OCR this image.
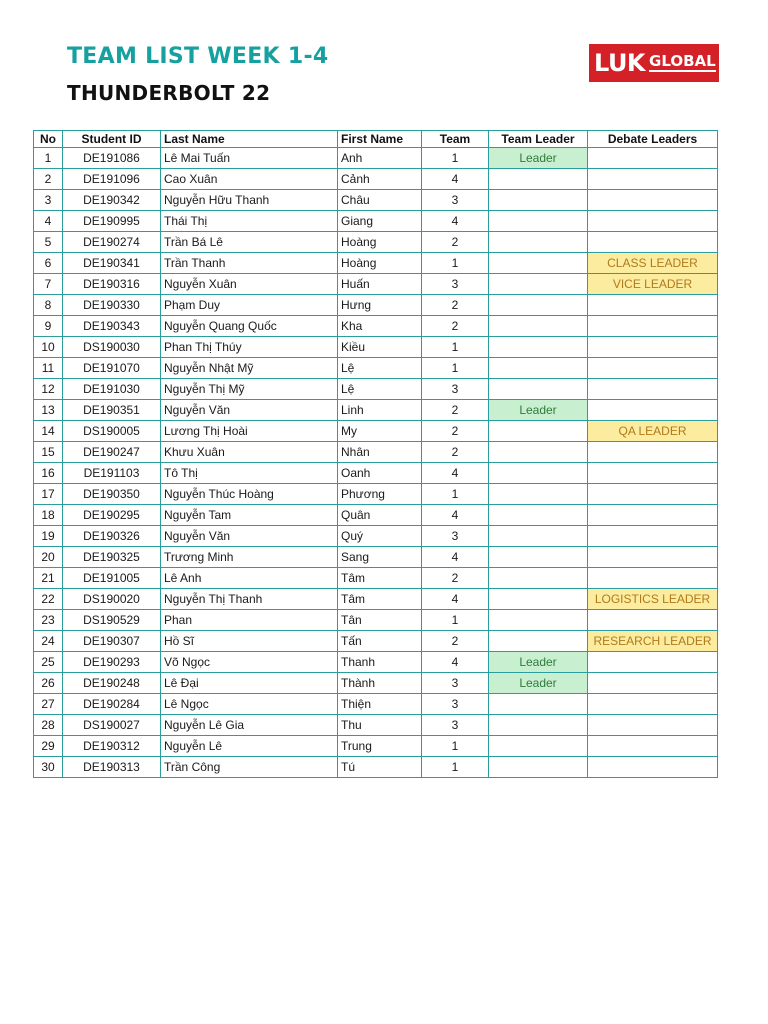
TEAM LIST WEEK 1-4
THUNDERBOLT 22
LUK GLOBAL
No	Student ID	Last Name	First Name	Team	Team Leader	Debate Leaders
1	DE191086	Lê Mai Tuấn	Anh	1	Leader	
2	DE191096	Cao Xuân	Cảnh	4		
3	DE190342	Nguyễn Hữu Thanh	Châu	3		
4	DE190995	Thái Thị	Giang	4		
5	DE190274	Trần Bá Lê	Hoàng	2		
6	DE190341	Trần Thanh	Hoàng	1		CLASS LEADER
7	DE190316	Nguyễn Xuân	Huấn	3		VICE LEADER
8	DE190330	Phạm Duy	Hưng	2		
9	DE190343	Nguyễn Quang Quốc	Kha	2		
10	DS190030	Phan Thị Thúy	Kiều	1		
11	DE191070	Nguyễn Nhật Mỹ	Lệ	1		
12	DE191030	Nguyễn Thị Mỹ	Lệ	3		
13	DE190351	Nguyễn Văn	Linh	2	Leader	
14	DS190005	Lương Thị Hoài	My	2		QA LEADER
15	DE190247	Khưu Xuân	Nhân	2		
16	DE191103	Tô Thị	Oanh	4		
17	DE190350	Nguyễn Thúc Hoàng	Phương	1		
18	DE190295	Nguyễn Tam	Quân	4		
19	DE190326	Nguyễn Văn	Quý	3		
20	DE190325	Trương Minh	Sang	4		
21	DE191005	Lê Anh	Tâm	2		
22	DS190020	Nguyễn Thị Thanh	Tâm	4		LOGISTICS LEADER
23	DS190529	Phan	Tân	1		
24	DE190307	Hồ Sĩ	Tấn	2		RESEARCH LEADER
25	DE190293	Võ Ngọc	Thanh	4	Leader	
26	DE190248	Lê Đại	Thành	3	Leader	
27	DE190284	Lê Ngọc	Thiện	3		
28	DS190027	Nguyễn Lê Gia	Thu	3		
29	DE190312	Nguyễn Lê	Trung	1		
30	DE190313	Trần Công	Tú	1		
